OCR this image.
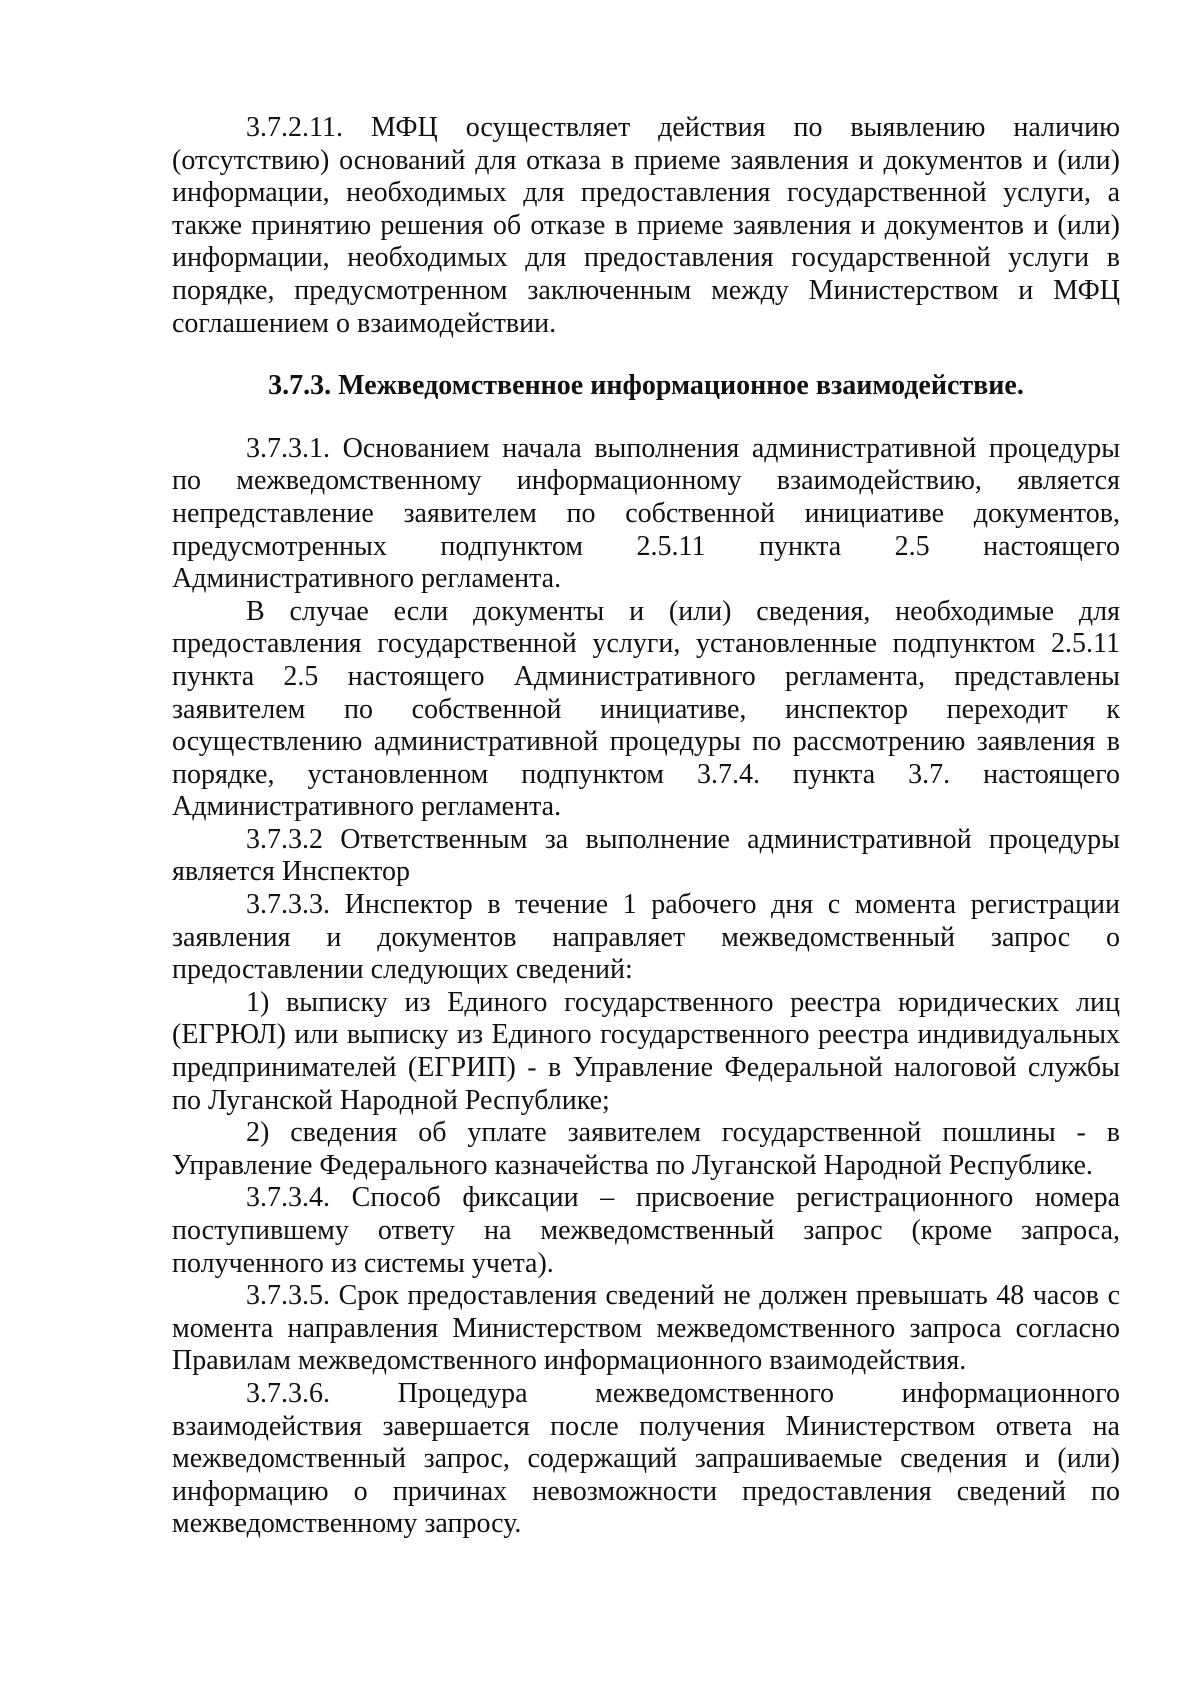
3.7.2.11. МФЦ осуществляет действия по выявлению наличию (отсутствию) оснований для отказа в приеме заявления и документов и (или) информации, необходимых для предоставления государственной услуги, а также принятию решения об отказе в приеме заявления и документов и (или) информации, необходимых для предоставления государственной услуги в порядке, предусмотренном заключенным между Министерством и МФЦ соглашением о взаимодействии.

3.7.3. Межведомственное информационное взаимодействие.

3.7.3.1. Основанием начала выполнения административной процедуры по межведомственному информационному взаимодействию, является непредставление заявителем по собственной инициативе документов, предусмотренных подпунктом 2.5.11 пункта 2.5 настоящего Административного регламента.

В случае если документы и (или) сведения, необходимые для предоставления государственной услуги, установленные подпунктом 2.5.11 пункта 2.5 настоящего Административного регламента, представлены заявителем по собственной инициативе, инспектор переходит к осуществлению административной процедуры по рассмотрению заявления в порядке, установленном подпунктом 3.7.4. пункта 3.7. настоящего Административного регламента.

3.7.3.2 Ответственным за выполнение административной процедуры является Инспектор

3.7.3.3. Инспектор в течение 1 рабочего дня с момента регистрации заявления и документов направляет межведомственный запрос о предоставлении следующих сведений:

1) выписку из Единого государственного реестра юридических лиц (ЕГРЮЛ) или выписку из Единого государственного реестра индивидуальных предпринимателей (ЕГРИП) - в Управление Федеральной налоговой службы по Луганской Народной Республике;

2) сведения об уплате заявителем государственной пошлины - в Управление Федерального казначейства по Луганской Народной Республике.

3.7.3.4. Способ фиксации – присвоение регистрационного номера поступившему ответу на межведомственный запрос (кроме запроса, полученного из системы учета).

3.7.3.5. Срок предоставления сведений не должен превышать 48 часов с момента направления Министерством межведомственного запроса согласно Правилам межведомственного информационного взаимодействия.

3.7.3.6. Процедура межведомственного информационного взаимодействия завершается после получения Министерством ответа на межведомственный запрос, содержащий запрашиваемые сведения и (или) информацию о причинах невозможности предоставления сведений по межведомственному запросу.
